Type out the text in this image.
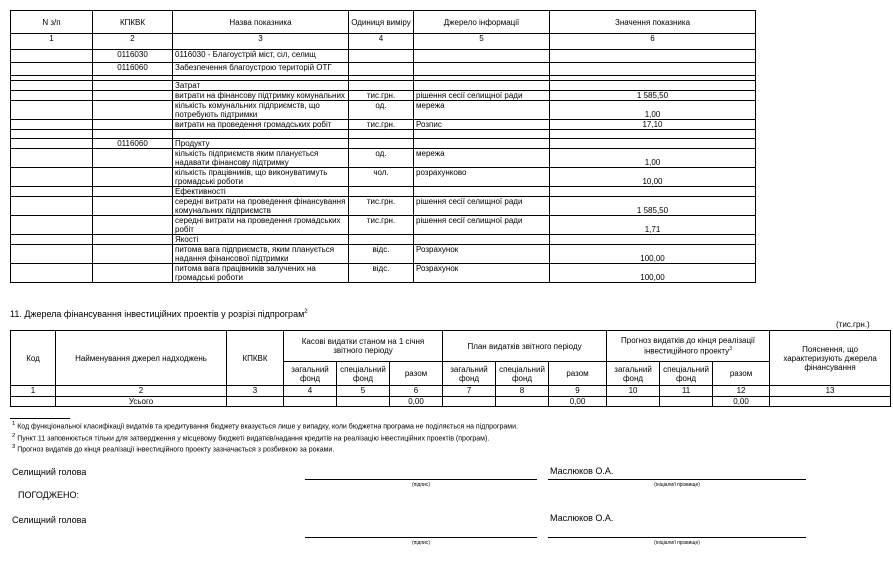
N з/п	КПКВК	Назва показника	Одиниця виміру	Джерело інформації	Значення показника
1	2	3	4	5	6
	0116030	0116030 - Благоустрій міст, сіл, селищ			
	0116060	Забезпечення благоустрою територій ОТГ			

		Затрат			
		витрати на фінансову підтримку комунальних	тис.грн.	рішення сесії селищної ради	1 585,50
		кількість комунальних підприємств, що потребують підтримки	од.	мережа	1,00
		витрати на проведення громадських робіт	тис.грн.	Розпис	17,10

	0116060	Продукту			
		кількість підприємств яким планується надавати фінансову підтримку	од.	мережа	1,00
		кількість працівників, що виконуватимуть громадські роботи	чол.	розрахунково	10,00
		Ефективності			
		середні витрати на проведення фінансування комунальних підприємств	тис.грн.	рішення сесії селищної ради	1 585,50
		середні витрати на проведення громадських робіт	тис.грн.	рішення сесії селищної ради	1,71
		Якості			
		питома вага підприємств, яким планується надання фінансової підтримки	відс.	Розрахунок	100,00
		питома вага працівників залучених на громадські роботи	відс.	Розрахунок	100,00
11. Джерела фінансування інвестиційних проектів у розрізі підпрограм$^2$
(тис.грн.)
Код	Найменування джерел надходжень	КПКВК	Касові видатки станом на 1 січня звітного періоду			План видатків звітного періоду			Прогноз видатків до кінця реалізації інвестиційного проекту$^3$			Пояснення, що характеризують джерела фінансування
			загальний фонд	спеціальний фонд	разом	загальний фонд	спеціальний фонд	разом	загальний фонд	спеціальний фонд	разом	
1	2	3	4	5	6	7	8	9	10	11	12	13
	Усього				0,00			0,00			0,00	
$^1$ Код функціональної класифікації видатків та кредитування бюджету вказується лише у випадку, коли бюджетна програма не поділяється на підпрограми.
$^2$ Пункт 11 заповнюється тільки для затвердження у місцевому бюджеті видатків/надання кредитів на реалізацію інвестиційних проектів (програм).
$^3$ Прогноз видатків до кінця реалізації інвестиційного проекту зазначається з розбивкою за роками.
Селищний голова
(підпис)
Маслюков О.А.
(ініціали/і прізвище)
ПОГОДЖЕНО:
Селищний голова
(підпис)
Маслюков О.А.
(ініціали/і прізвище)
